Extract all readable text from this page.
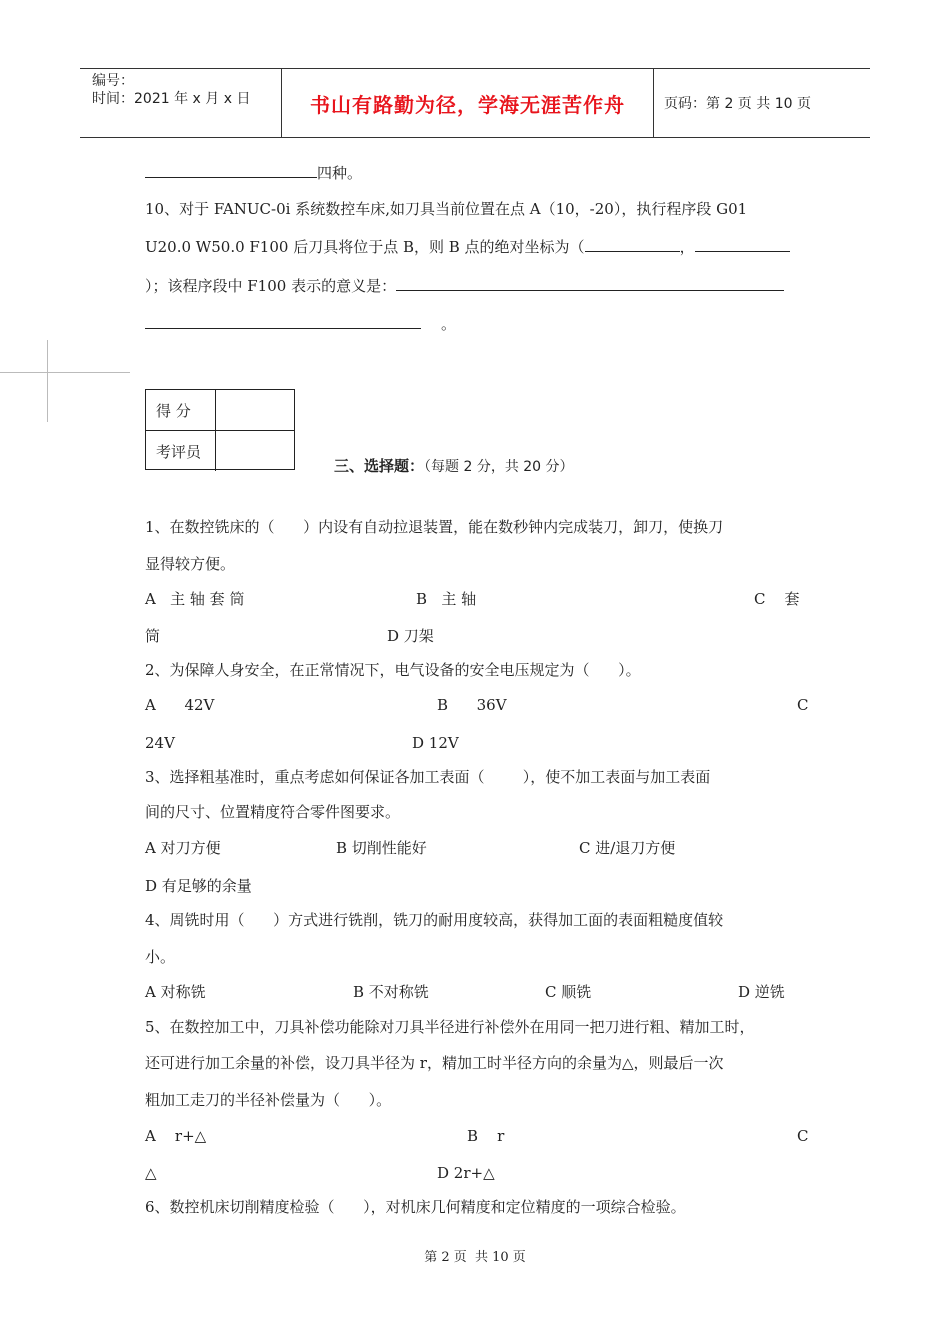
编号：
时间：2021 年 x 月 x 日	书山有路勤为径，学海无涯苦作舟	页码：第 2 页 共 10 页
四种。
10、对于 FANUC-0i 系统数控车床,如刀具当前位置在点 A（10，-20），执行程序段 G01
U20.0 W50.0 F100 后刀具将位于点 B，则 B 点的绝对坐标为（	，
）；该程序段中 F100 表示的意义是：
。
得 分
考评员
三、选择题：（每题 2 分，共 20 分）
1、在数控铣床的（      ）内设有自动拉退装置，能在数秒钟内完成装刀，卸刀，使换刀
显得较方便。
A   主 轴 套 筒	B   主 轴	C    套
筒	D 刀架
2、为保障人身安全，在正常情况下，电气设备的安全电压规定为（      ）。
A      42V	B      36V	C
24V	D 12V
3、选择粗基准时，重点考虑如何保证各加工表面（        ），使不加工表面与加工表面
间的尺寸、位置精度符合零件图要求。
A 对刀方便	B 切削性能好	C 进/退刀方便
D 有足够的余量
4、周铣时用（      ）方式进行铣削，铣刀的耐用度较高，获得加工面的表面粗糙度值较
小。
A 对称铣	B 不对称铣	C 顺铣	D 逆铣
5、在数控加工中，刀具补偿功能除对刀具半径进行补偿外在用同一把刀进行粗、精加工时，
还可进行加工余量的补偿，设刀具半径为 r，精加工时半径方向的余量为△，则最后一次
粗加工走刀的半径补偿量为（      ）。
A    r+△	B    r	C
△	D 2r+△
6、数控机床切削精度检验（      ），对机床几何精度和定位精度的一项综合检验。
第 2 页  共 10 页
